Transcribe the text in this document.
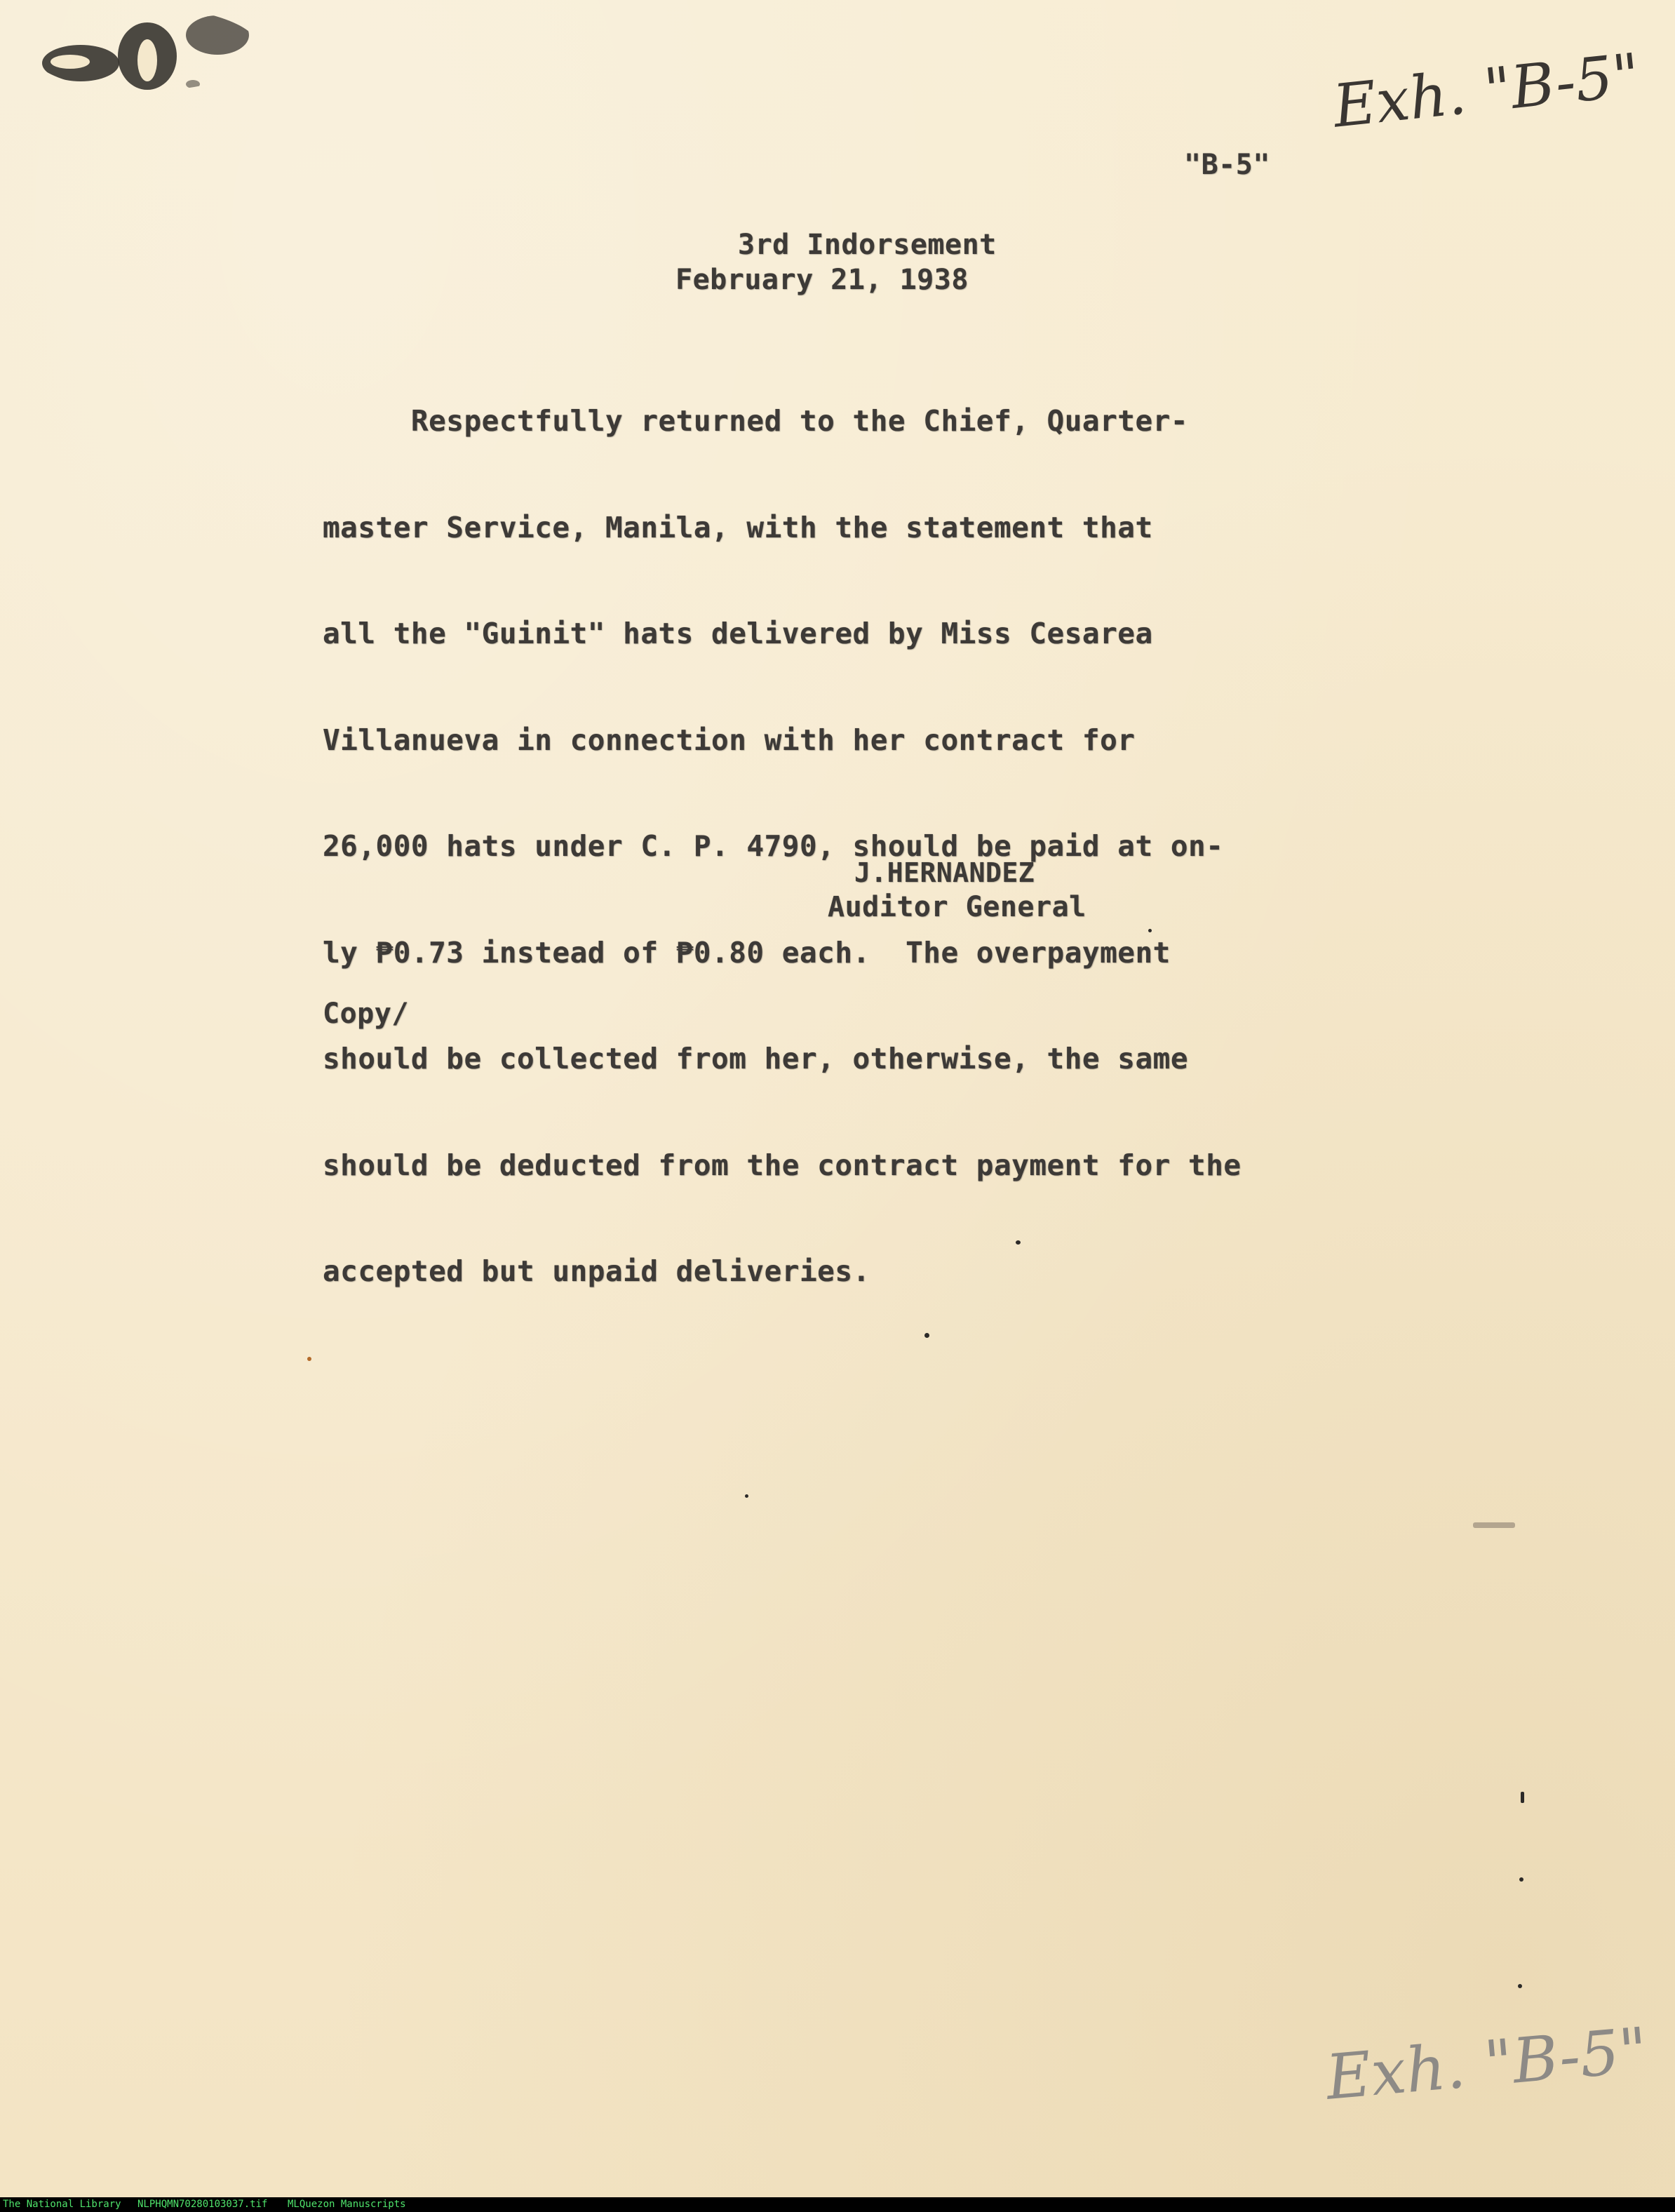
Exh. "B-5"
"B-5"
3rd Indorsement
February 21, 1938

Respectfully returned to the Chief, Quarter-

master Service, Manila, with the statement that

all the "Guinit" hats delivered by Miss Cesarea

Villanueva in connection with her contract for

26,000 hats under C. P. 4790, should be paid at on-

ly ₱0.73 instead of ₱0.80 each.  The overpayment

should be collected from her, otherwise, the same

should be deducted from the contract payment for the

accepted but unpaid deliveries.

J.HERNANDEZ
Auditor General
Copy/
Exh. "B-5"
The National Library NLPHQMN70280103037.tif MLQuezon Manuscripts
